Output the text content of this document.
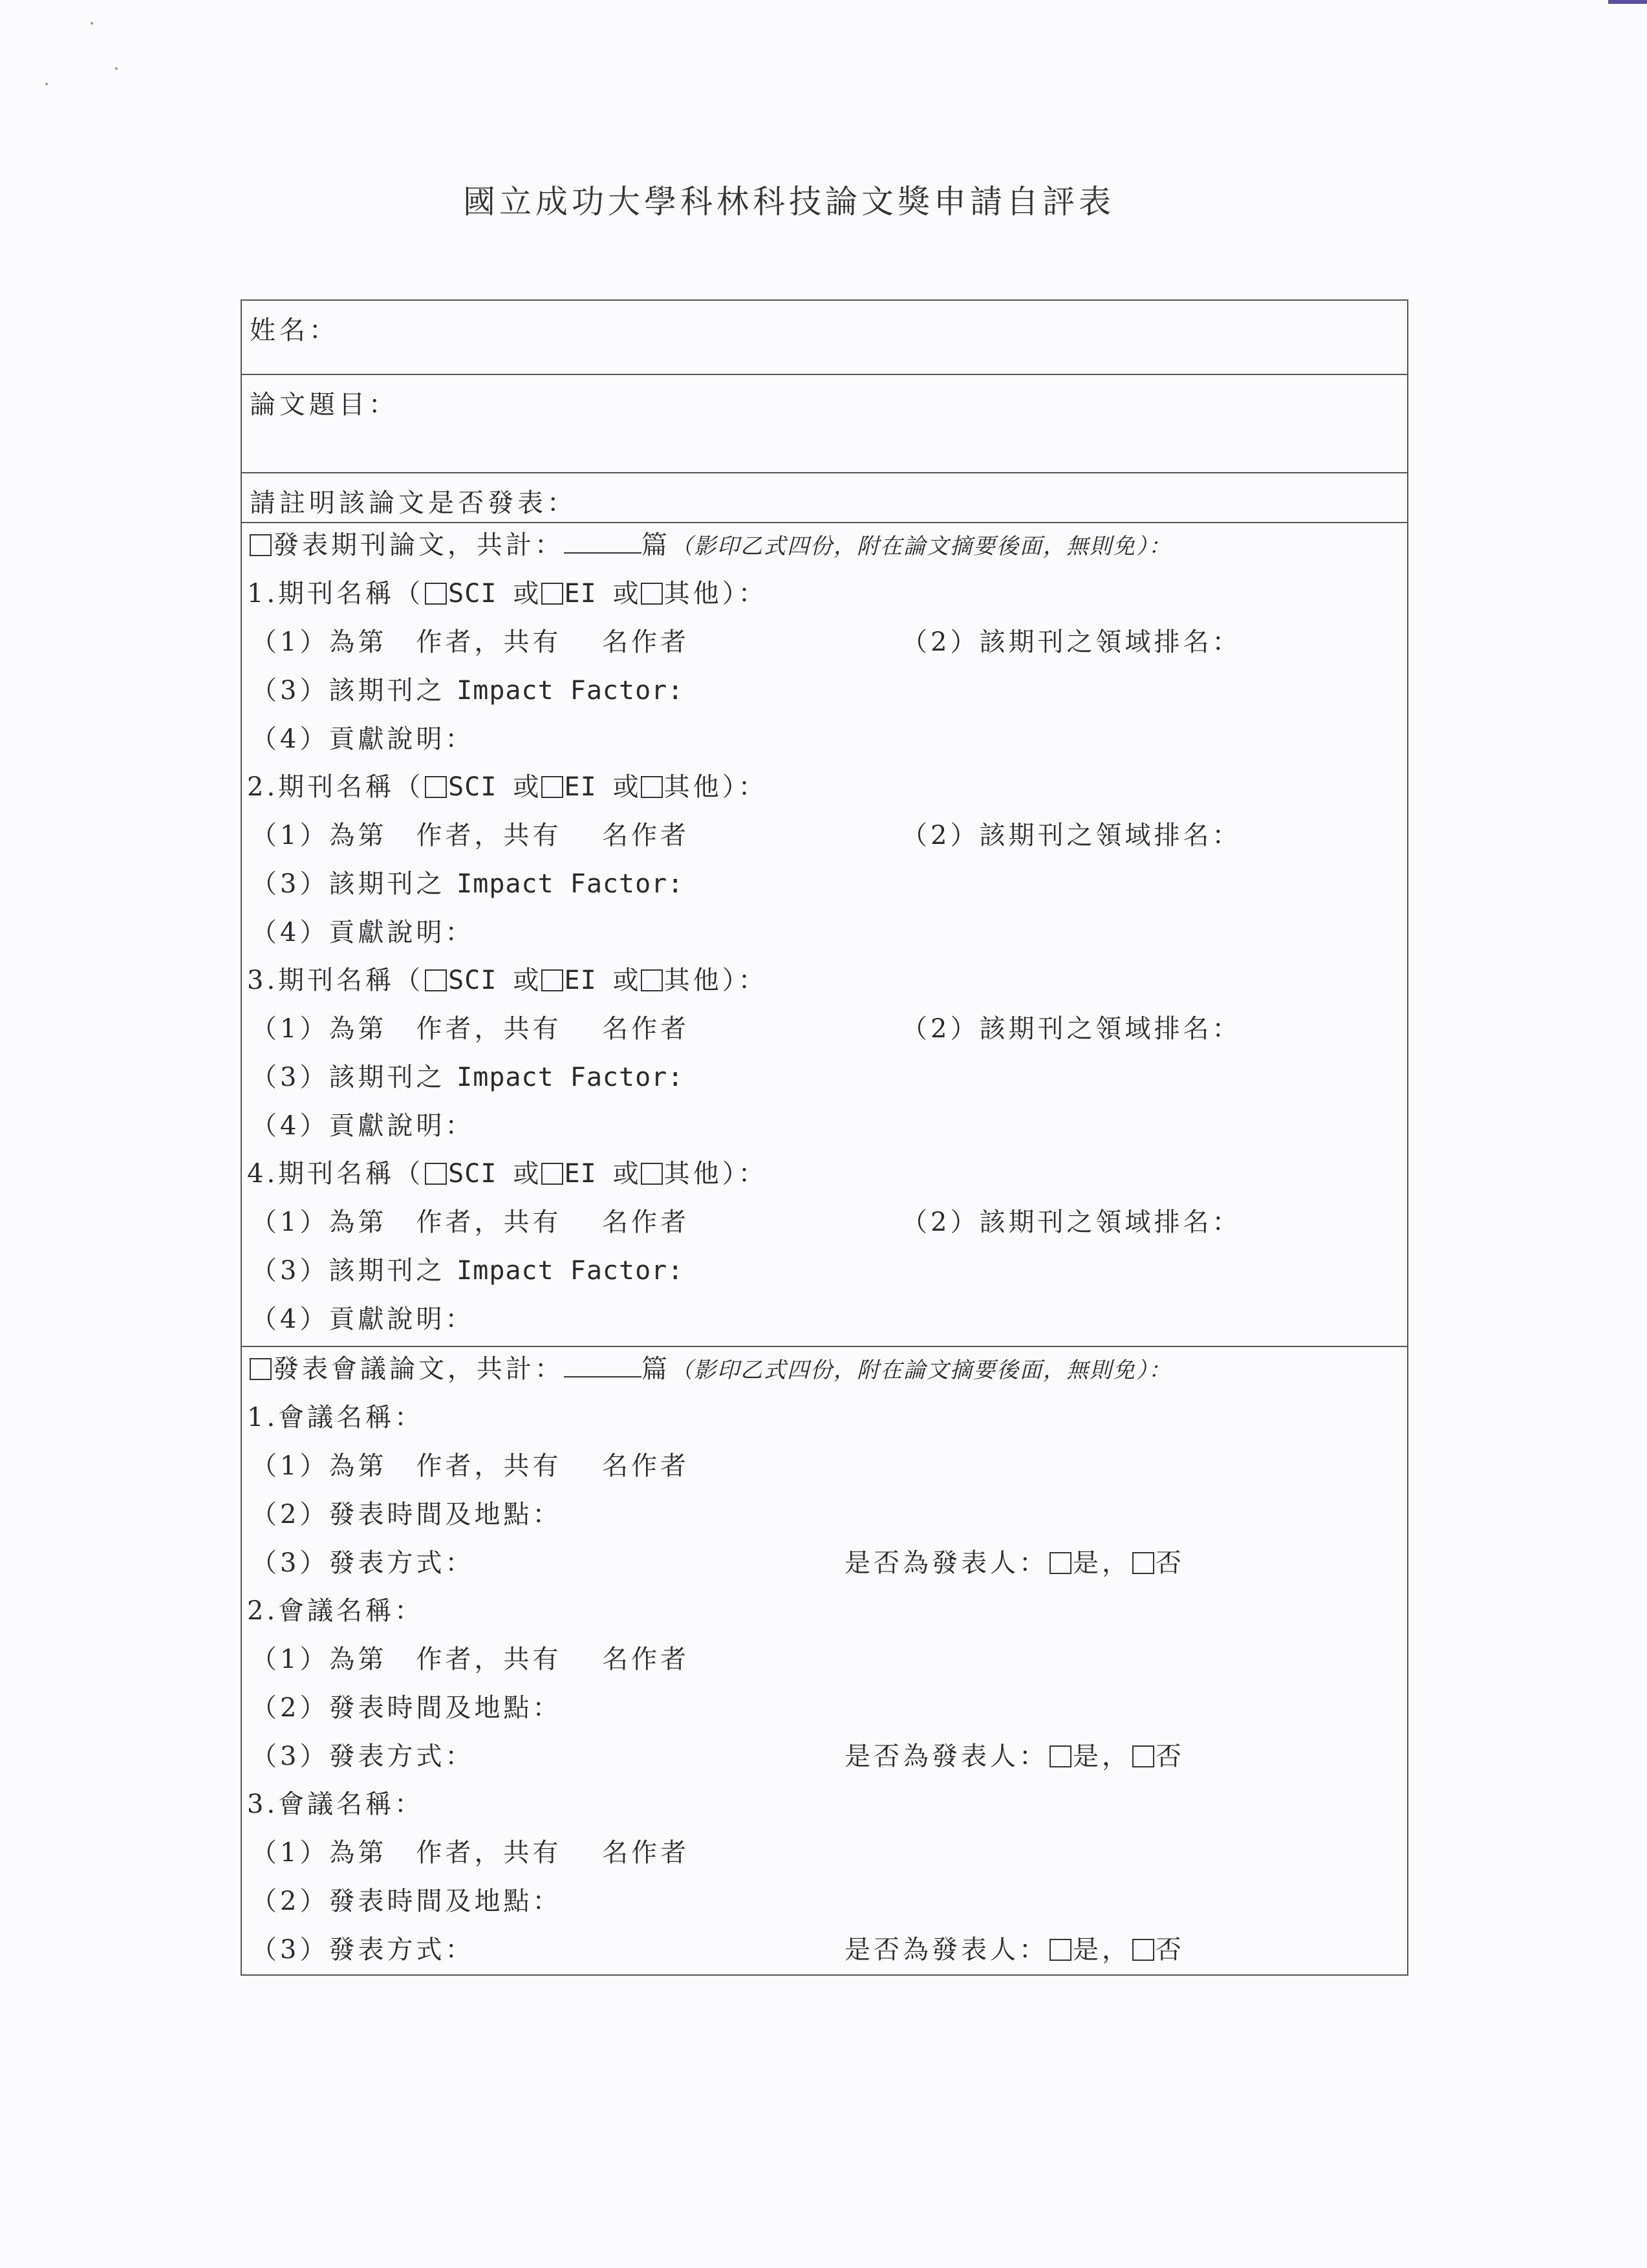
國立成功大學科林科技論文獎申請自評表
姓名：
論文題目：
請註明該論文是否發表：
發表期刊論文，共計：	篇（影印乙式四份，附在論文摘要後面，無則免）：
1.期刊名稱（ SCI 或 EI 或 其他）：
（1）為第　作者，共有　 名作者	（2）該期刊之領域排名：
（3）該期刊之 Impact Factor:
（4）貢獻說明：
2.期刊名稱（ SCI 或 EI 或 其他）：
（1）為第　作者，共有　 名作者	（2）該期刊之領域排名：
（3）該期刊之 Impact Factor:
（4）貢獻說明：
3.期刊名稱（ SCI 或 EI 或 其他）：
（1）為第　作者，共有　 名作者	（2）該期刊之領域排名：
（3）該期刊之 Impact Factor:
（4）貢獻說明：
4.期刊名稱（ SCI 或 EI 或 其他）：
（1）為第　作者，共有　 名作者	（2）該期刊之領域排名：
（3）該期刊之 Impact Factor:
（4）貢獻說明：
發表會議論文，共計：	篇（影印乙式四份，附在論文摘要後面，無則免）：
1.會議名稱：
（1）為第　作者，共有　 名作者
（2）發表時間及地點：
（3）發表方式：	是否為發表人： 是， 否
2.會議名稱：
（1）為第　作者，共有　 名作者
（2）發表時間及地點：
（3）發表方式：	是否為發表人： 是， 否
3.會議名稱：
（1）為第　作者，共有　 名作者
（2）發表時間及地點：
（3）發表方式：	是否為發表人： 是， 否
